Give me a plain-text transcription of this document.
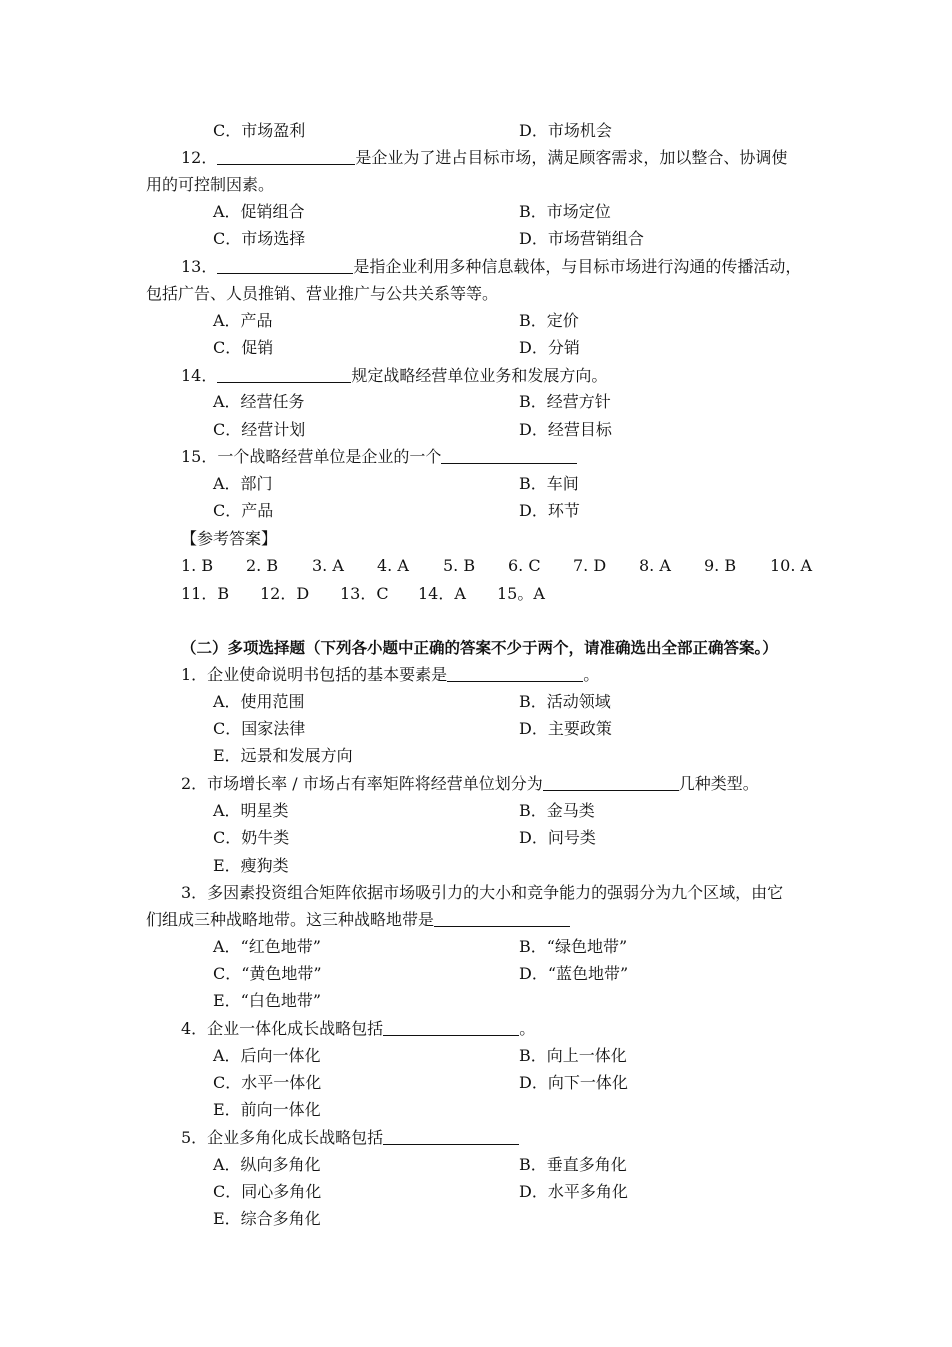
C．市场盈利	D．市场机会
12．	是企业为了进占目标市场，满足顾客需求，加以整合、协调使
用的可控制因素。
A．促销组合	B．市场定位
C．市场选择	D．市场营销组合
13．	是指企业利用多种信息载体，与目标市场进行沟通的传播活动，
包括广告、人员推销、营业推广与公共关系等等。
A．产品	B．定价
C．促销	D．分销
14．	规定战略经营单位业务和发展方向。
A．经营任务	B．经营方针
C．经营计划	D．经营目标
15．一个战略经营单位是企业的一个
A．部门	B．车间
C．产品	D．环节
【参考答案】
（二）多项选择题（下列各小题中正确的答案不少于两个，请准确选出全部正确答案。）
1．企业使命说明书包括的基本要素是	。
A．使用范围	B．活动领域
C．国家法律	D．主要政策
E．远景和发展方向
2．市场增长率 / 市场占有率矩阵将经营单位划分为	几种类型。
A．明星类	B．金马类
C．奶牛类	D．问号类
E．瘦狗类
3．多因素投资组合矩阵依据市场吸引力的大小和竞争能力的强弱分为九个区域，由它
们组成三种战略地带。这三种战略地带是
A．“红色地带”	B．“绿色地带”
C．“黄色地带”	D．“蓝色地带”
E．“白色地带”
4．企业一体化成长战略包括	。
A．后向一体化	B．向上一体化
C．水平一体化	D．向下一体化
E．前向一体化
5．企业多角化成长战略包括
A．纵向多角化	B．垂直多角化
C．同心多角化	D．水平多角化
E．综合多角化
1. B 2. B 3. A 4. A 5. B 6. C 7. D 8. A 9. B 10. A
11．B 12．D 13．C 14．A 15。A
